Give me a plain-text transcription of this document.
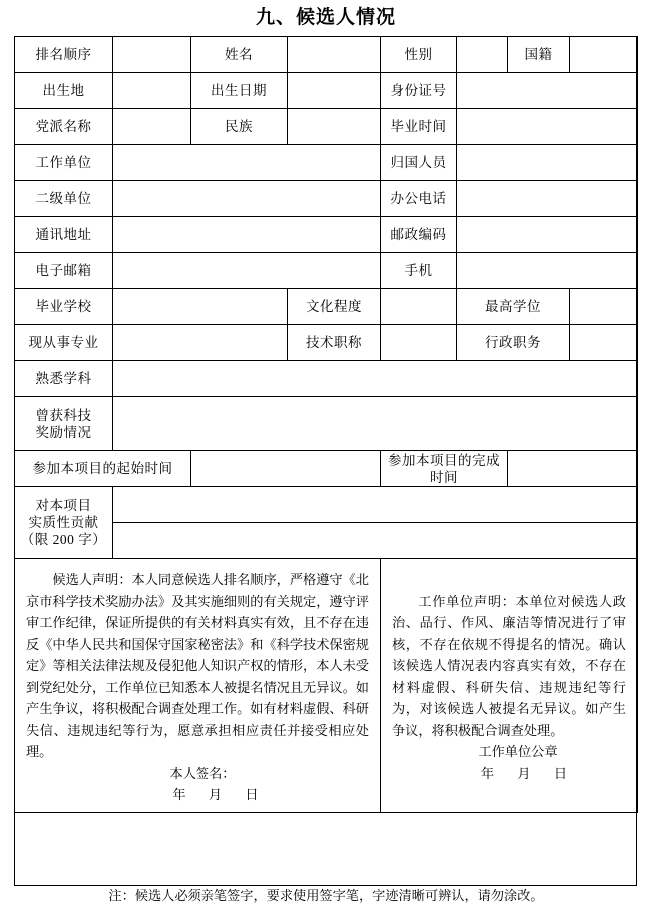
九、候选人情况
排名顺序		姓名		性别		国籍	
出生地		出生日期		身份证号			
党派名称		民族		毕业时间			
工作单位				归国人员			
二级单位				办公电话			
通讯地址				邮政编码			
电子邮箱				手机			
毕业学校			文化程度		最高学位		
现从事专业			技术职称		行政职务		
熟悉学科							

曾获科技
奖励情况							

参加本项目的起始时间				参加本项目的完成时间			

对本项目
实质性贡献
（限 200 字）							

候选人声明：本人同意候选人排名顺序，严格遵守《北京市科学技术奖励办法》及其实施细则的有关规定，遵守评审工作纪律，保证所提供的有关材料真实有效，且不存在违反《中华人民共和国保守国家秘密法》和《科学技术保密规定》等相关法律法规及侵犯他人知识产权的情形，本人未受到党纪处分，工作单位已知悉本人被提名情况且无异议。如产生争议，将积极配合调查处理工作。如有材料虚假、科研失信、违规违纪等行为，愿意承担相应责任并接受相应处理。

本人签名：

年 月 日

工作单位声明：本单位对候选人政治、品行、作风、廉洁等情况进行了审核，不存在依规不得提名的情况。确认该候选人情况表内容真实有效，不存在材料虚假、科研失信、违规违纪等行为，对该候选人被提名无异议。如产生争议，将积极配合调查处理。

工作单位公章

年 月 日

注：候选人必须亲笔签字，要求使用签字笔，字迹清晰可辨认，请勿涂改。
